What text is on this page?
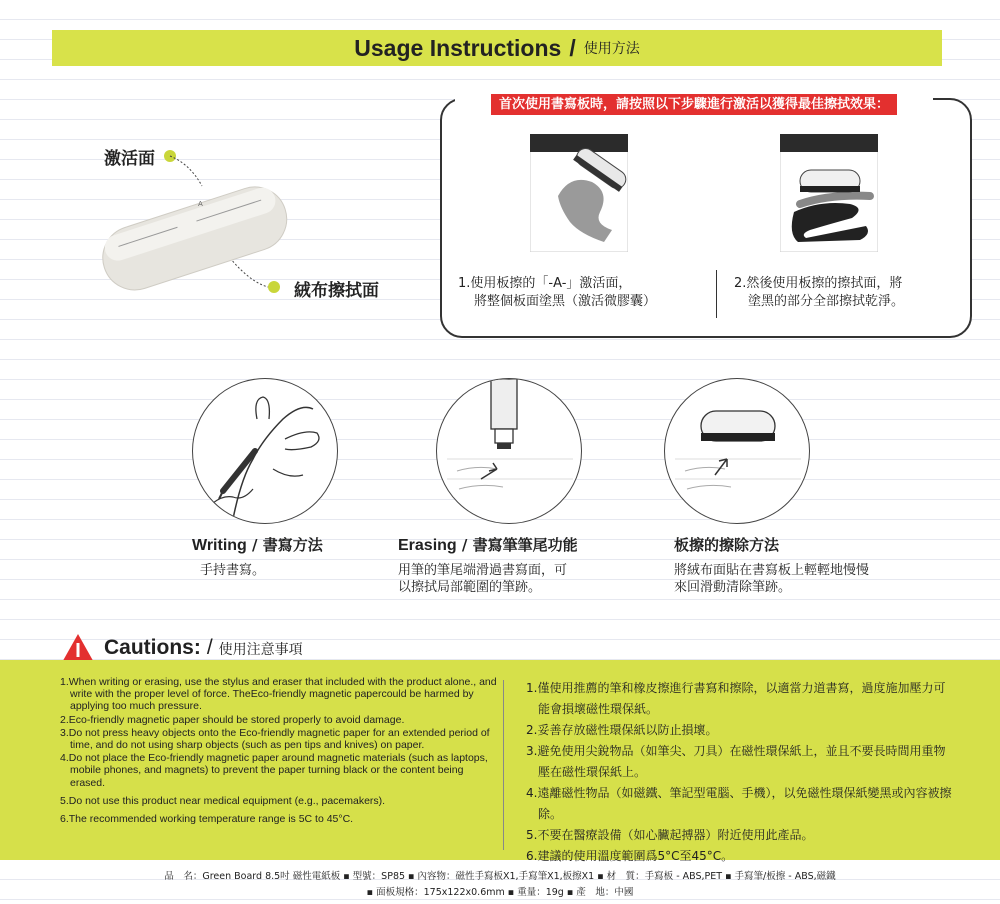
Usage Instructions / 使用方法
激活面
絨布擦拭面
A
首次使用書寫板時，請按照以下步驟進行激活以獲得最佳擦拭效果：
1.使用板擦的「-A-」激活面，
將整個板面塗黑（激活微膠囊）
2.然後使用板擦的擦拭面，將
塗黑的部分全部擦拭乾淨。
Writing / 書寫方法
手持書寫。
Erasing / 書寫筆筆尾功能
用筆的筆尾端滑過書寫面，可
以擦拭局部範圍的筆跡。
板擦的擦除方法
將絨布面貼在書寫板上輕輕地慢慢
來回滑動清除筆跡。
Cautions: / 使用注意事項
1.When writing or erasing, use the stylus and eraser that included with the product alone., and write with the proper level of force. TheEco-friendly magnetic papercould be harmed by applying too much pressure.
2.Eco-friendly magnetic paper should be stored properly to avoid damage.
3.Do not press heavy objects onto the Eco-friendly magnetic paper for an extended period of time, and do not using sharp objects (such as pen tips and knives) on paper.
4.Do not place the Eco-friendly magnetic paper around magnetic materials (such as laptops, mobile phones, and magnets) to prevent the paper turning black or the content being erased.
5.Do not use this product near medical equipment (e.g., pacemakers).
6.The recommended working temperature range is 5C to 45°C.
1.僅使用推薦的筆和橡皮擦進行書寫和擦除，以適當力道書寫，過度施加壓力可能會損壞磁性環保紙。
2.妥善存放磁性環保紙以防止損壞。
3.避免使用尖銳物品（如筆尖、刀具）在磁性環保紙上，並且不要長時間用重物壓在磁性環保紙上。
4.遠離磁性物品（如磁鐵、筆記型電腦、手機），以免磁性環保紙變黑或內容被擦除。
5.不要在醫療設備（如心臟起搏器）附近使用此產品。
6.建議的使用溫度範圍爲5°C至45°C。
品　名：Green Board 8.5吋 磁性電紙板 ▪ 型號：SP85 ▪ 內容物：磁性手寫板X1,手寫筆X1,板擦X1 ▪ 材　質：手寫板 - ABS,PET ▪ 手寫筆/板擦 - ABS,磁鐵
▪ 面板規格：175x122x0.6mm ▪ 重量：19g ▪ 產　地：中國
